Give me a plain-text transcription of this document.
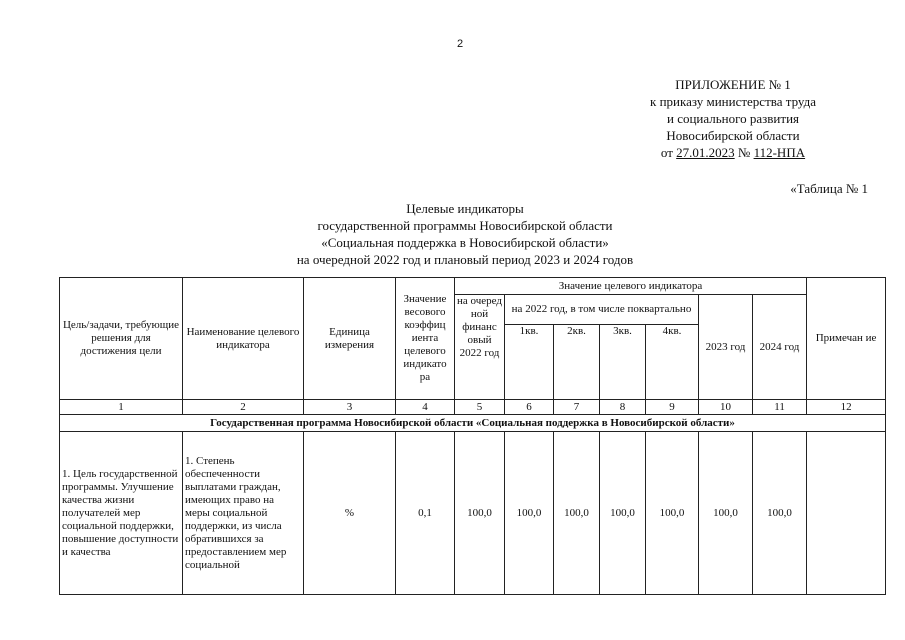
2
ПРИЛОЖЕНИЕ № 1
к приказу министерства труда
и социального развития
Новосибирской области
от 27.01.2023 № 112-НПА
«Таблица № 1
Целевые индикаторы
государственной программы Новосибирской области
«Социальная поддержка в Новосибирской области»
на очередной 2022 год и плановый период 2023 и 2024 годов
Цель/задачи, требующие решения для достижения цели	Наименование целевого индикатора	Единица измерения	Значение весового коэффиц иента целевого индикато ра	Значение целевого индикатора							Примечан ие
				на очеред ной финанс овый 2022 год	на 2022 год, в том числе поквартально				2023 год	2024 год	
					1кв.	2кв.	3кв.	4кв.			
1	2	3	4	5	6	7	8	9	10	11	12
Государственная программа Новосибирской области «Социальная поддержка в Новосибирской области»											
1. Цель государственной программы. Улучшение качества жизни получателей мер социальной поддержки, повышение доступности и качества	1. Степень обеспеченности выплатами граждан, имеющих право на меры социальной поддержки, из числа обратившихся за предоставлением мер социальной	%	0,1	100,0	100,0	100,0	100,0	100,0	100,0	100,0	
